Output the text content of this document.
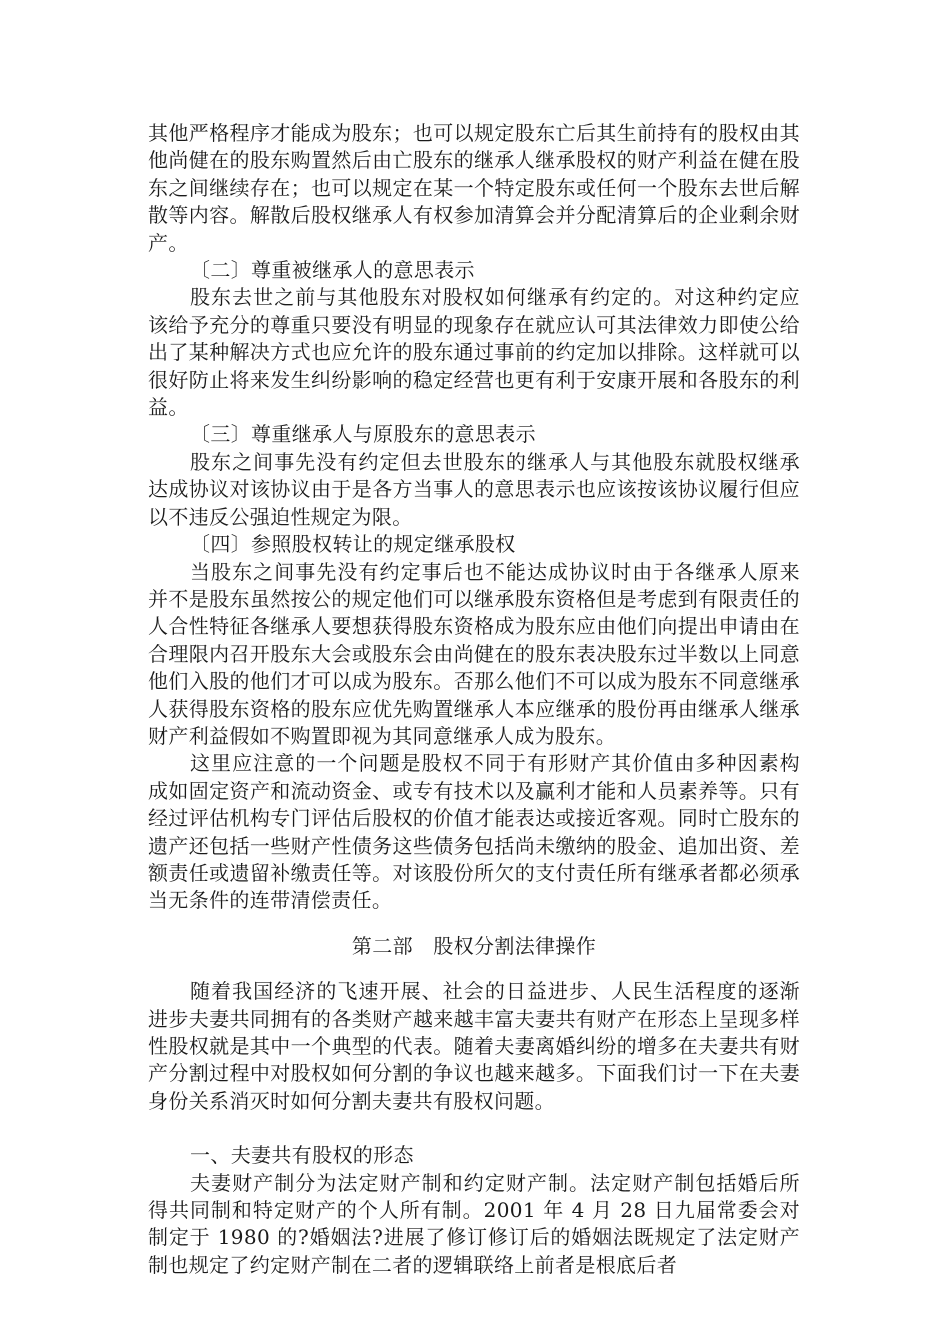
其他严格程序才能成为股东；也可以规定股东亡后其生前持有的股权由其他尚健在的股东购置然后由亡股东的继承人继承股权的财产利益在健在股东之间继续存在；也可以规定在某一个特定股东或任何一个股东去世后解散等内容。解散后股权继承人有权参加清算会并分配清算后的企业剩余财产。

〔二〕尊重被继承人的意思表示

股东去世之前与其他股东对股权如何继承有约定的。对这种约定应该给予充分的尊重只要没有明显的现象存在就应认可其法律效力即使公给出了某种解决方式也应允许的股东通过事前的约定加以排除。这样就可以很好防止将来发生纠纷影响的稳定经营也更有利于安康开展和各股东的利益。

〔三〕尊重继承人与原股东的意思表示

股东之间事先没有约定但去世股东的继承人与其他股东就股权继承达成协议对该协议由于是各方当事人的意思表示也应该按该协议履行但应以不违反公强迫性规定为限。

〔四〕参照股权转让的规定继承股权

当股东之间事先没有约定事后也不能达成协议时由于各继承人原来并不是股东虽然按公的规定他们可以继承股东资格但是考虑到有限责任的人合性特征各继承人要想获得股东资格成为股东应由他们向提出申请由在合理限内召开股东大会或股东会由尚健在的股东表决股东过半数以上同意他们入股的他们才可以成为股东。否那么他们不可以成为股东不同意继承人获得股东资格的股东应优先购置继承人本应继承的股份再由继承人继承财产利益假如不购置即视为其同意继承人成为股东。

这里应注意的一个问题是股权不同于有形财产其价值由多种因素构成如固定资产和流动资金、或专有技术以及赢利才能和人员素养等。只有经过评估机构专门评估后股权的价值才能表达或接近客观。同时亡股东的遗产还包括一些财产性债务这些债务包括尚未缴纳的股金、追加出资、差额责任或遗留补缴责任等。对该股份所欠的支付责任所有继承者都必须承当无条件的连带清偿责任。

第二部　股权分割法律操作

随着我国经济的飞速开展、社会的日益进步、人民生活程度的逐渐进步夫妻共同拥有的各类财产越来越丰富夫妻共有财产在形态上呈现多样性股权就是其中一个典型的代表。随着夫妻离婚纠纷的增多在夫妻共有财产分割过程中对股权如何分割的争议也越来越多。下面我们讨一下在夫妻身份关系消灭时如何分割夫妻共有股权问题。

一、夫妻共有股权的形态

夫妻财产制分为法定财产制和约定财产制。法定财产制包括婚后所得共同制和特定财产的个人所有制。2001 年 4 月 28 日九届常委会对制定于 1980 的?婚姻法?进展了修订修订后的婚姻法既规定了法定财产制也规定了约定财产制在二者的逻辑联络上前者是根底后者
